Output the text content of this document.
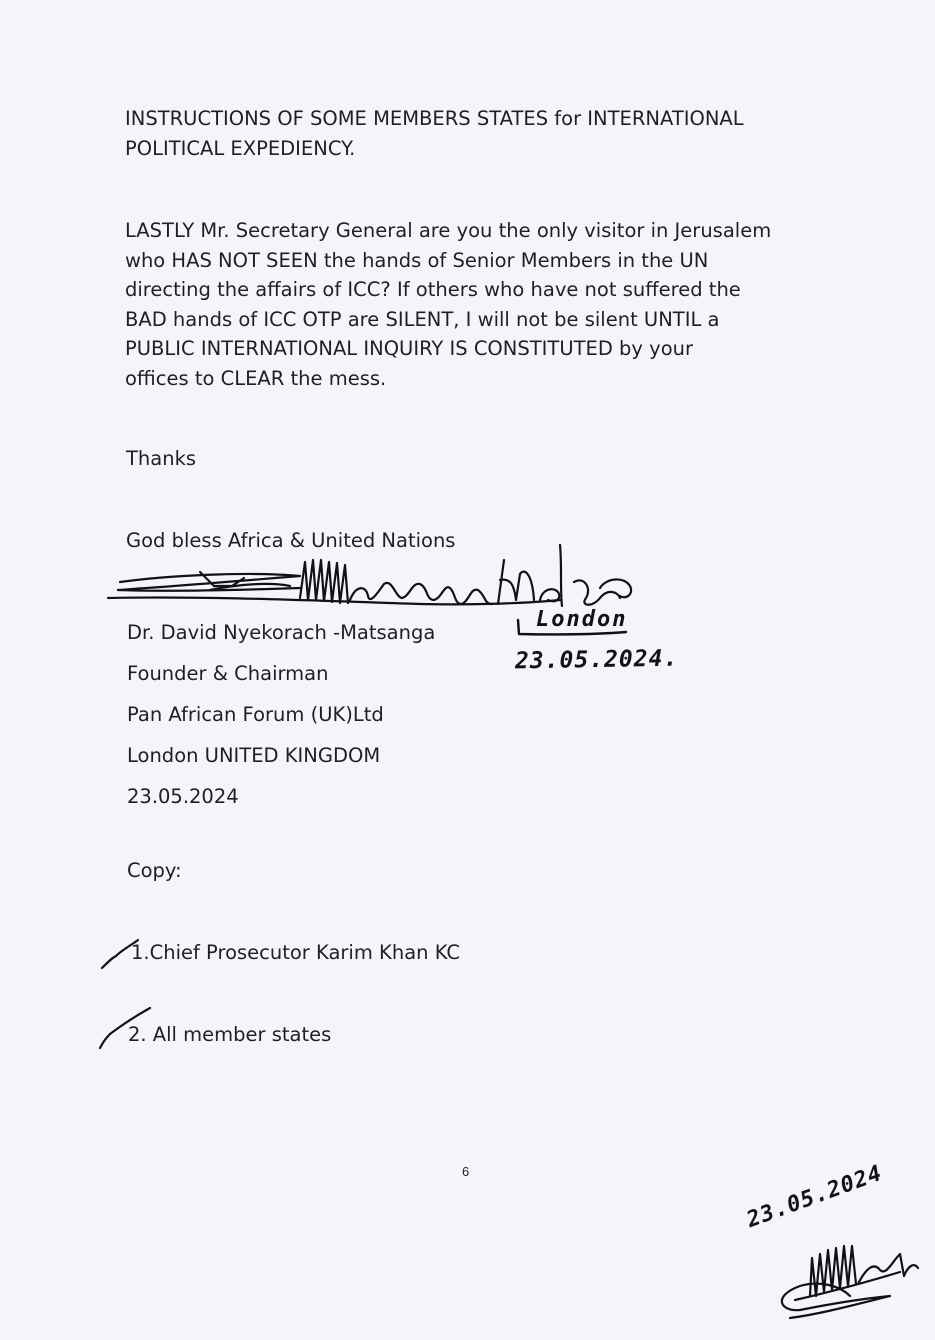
INSTRUCTIONS OF SOME MEMBERS STATES for INTERNATIONAL
POLITICAL EXPEDIENCY.
LASTLY Mr. Secretary General are you the only visitor in Jerusalem
who HAS NOT SEEN the hands of Senior Members in the UN
directing the affairs of ICC? If others who have not suffered the
BAD hands of ICC OTP are SILENT, I will not be silent UNTIL a
PUBLIC INTERNATIONAL INQUIRY IS CONSTITUTED by your
offices to CLEAR the mess.
Thanks
God bless Africa & United Nations
Dr. David Nyekorach -Matsanga
Founder & Chairman
Pan African Forum (UK)Ltd
London UNITED KINGDOM
23.05.2024
Copy:
1.Chief Prosecutor Karim Khan KC
2. All member states
6
London
23.05.2024.
23.05.2024
